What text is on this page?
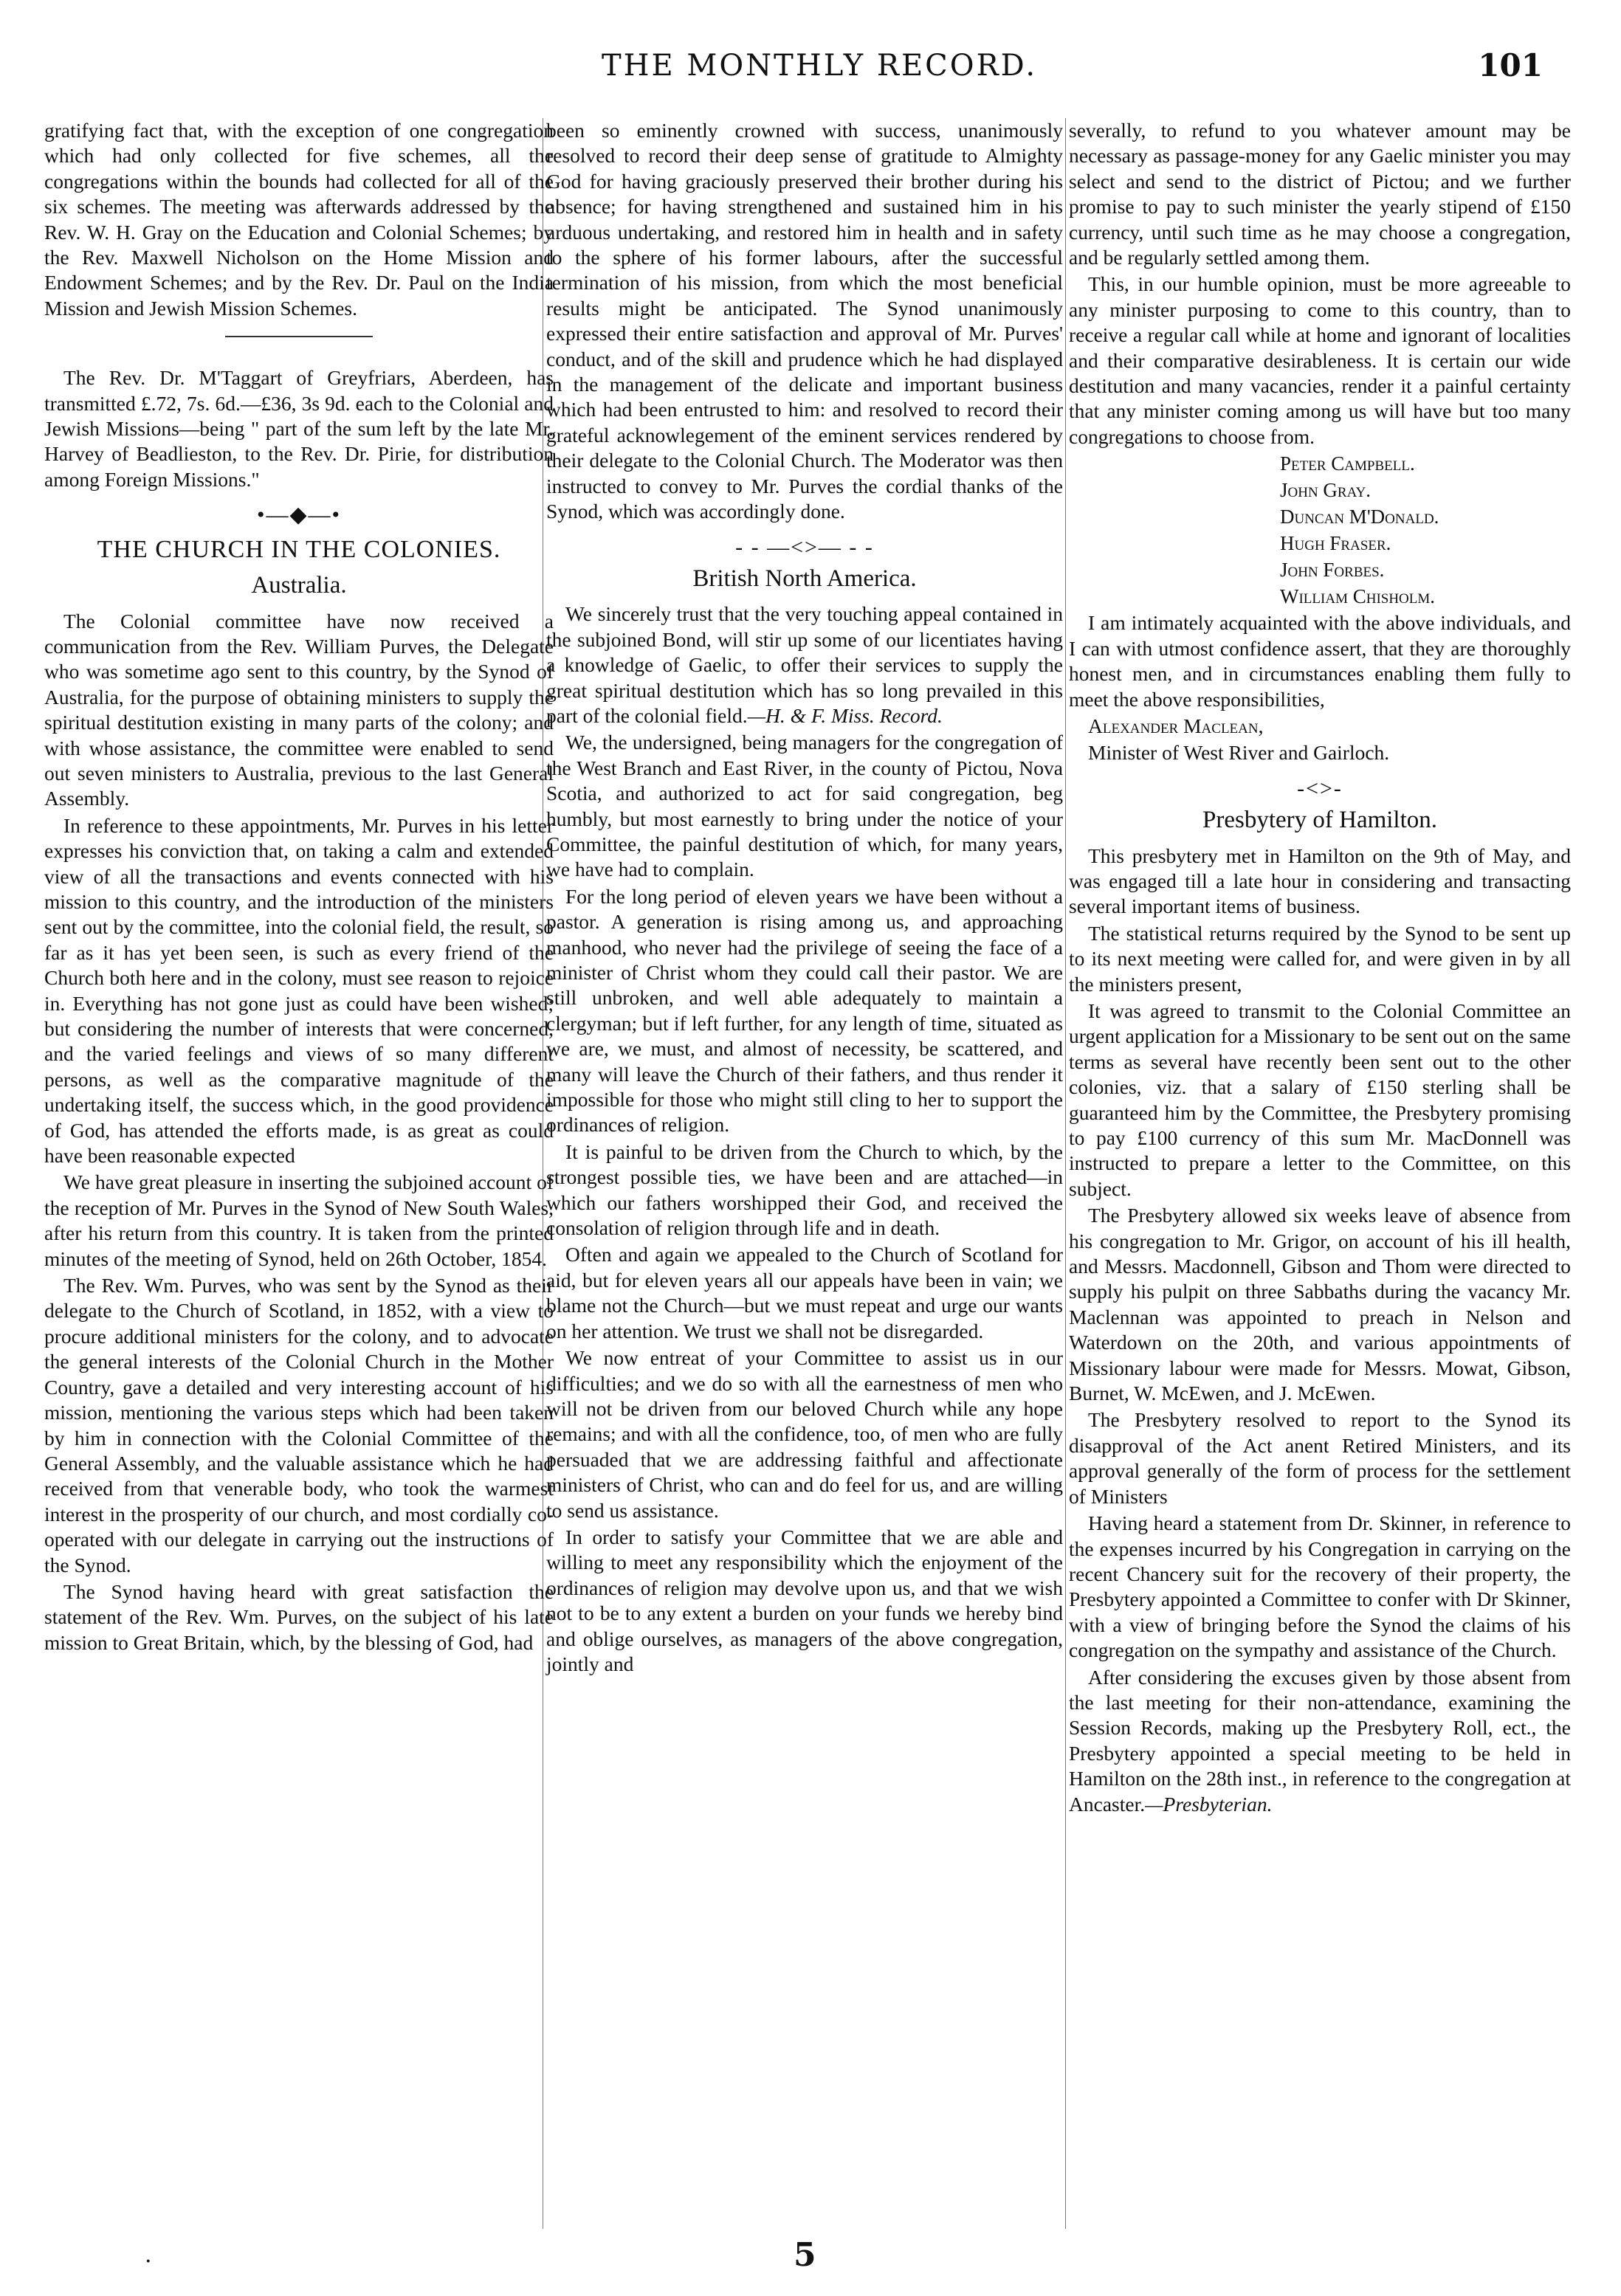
THE MONTHLY RECORD.	101

gratifying fact that, with the exception of one congregation which had only collected for five schemes, all the congregations within the bounds had collected for all of the six schemes. The meeting was afterwards addressed by the Rev. W. H. Gray on the Education and Colonial Schemes; by the Rev. Maxwell Nicholson on the Home Mission and Endowment Schemes; and by the Rev. Dr. Paul on the India Mission and Jewish Mission Schemes.

The Rev. Dr. M'Taggart of Greyfriars, Aberdeen, has transmitted £.72, 7s. 6d.—£36, 3s 9d. each to the Colonial and Jewish Missions—being " part of the sum left by the late Mr. Harvey of Beadlieston, to the Rev. Dr. Pirie, for distribution among Foreign Missions."

•—◆—•
THE CHURCH IN THE COLONIES.
Australia.

The Colonial committee have now received a communication from the Rev. William Purves, the Delegate who was sometime ago sent to this country, by the Synod of Australia, for the purpose of obtaining ministers to supply the spiritual destitution existing in many parts of the colony; and with whose assistance, the committee were enabled to send out seven ministers to Australia, previous to the last General Assembly.

In reference to these appointments, Mr. Purves in his letter expresses his conviction that, on taking a calm and extended view of all the transactions and events connected with his mission to this country, and the introduction of the ministers sent out by the committee, into the colonial field, the result, so far as it has yet been seen, is such as every friend of the Church both here and in the colony, must see reason to rejoice in. Everything has not gone just as could have been wished; but considering the number of interests that were concerned, and the varied feelings and views of so many different persons, as well as the comparative magnitude of the undertaking itself, the success which, in the good providence of God, has attended the efforts made, is as great as could have been reasonable expected

We have great pleasure in inserting the subjoined account of the reception of Mr. Purves in the Synod of New South Wales, after his return from this country. It is taken from the printed minutes of the meeting of Synod, held on 26th October, 1854.

The Rev. Wm. Purves, who was sent by the Synod as their delegate to the Church of Scotland, in 1852, with a view to procure additional ministers for the colony, and to advocate the general interests of the Colonial Church in the Mother Country, gave a detailed and very interesting account of his mission, mentioning the various steps which had been taken by him in connection with the Colonial Committee of the General Assembly, and the valuable assistance which he had received from that venerable body, who took the warmest interest in the prosperity of our church, and most cordially co-operated with our delegate in carrying out the instructions of the Synod.

The Synod having heard with great satisfaction the statement of the Rev. Wm. Purves, on the subject of his late mission to Great Britain, which, by the blessing of God, had

been so eminently crowned with success, unanimously resolved to record their deep sense of gratitude to Almighty God for having graciously preserved their brother during his absence; for having strengthened and sustained him in his arduous undertaking, and restored him in health and in safety to the sphere of his former labours, after the successful termination of his mission, from which the most beneficial results might be anticipated. The Synod unanimously expressed their entire satisfaction and approval of Mr. Purves' conduct, and of the skill and prudence which he had displayed in the management of the delicate and important business which had been entrusted to him: and resolved to record their grateful acknowlegement of the eminent services rendered by their delegate to the Colonial Church. The Moderator was then instructed to convey to Mr. Purves the cordial thanks of the Synod, which was accordingly done.

- - —<>— - -
British North America.

We sincerely trust that the very touching appeal contained in the subjoined Bond, will stir up some of our licentiates having a knowledge of Gaelic, to offer their services to supply the great spiritual destitution which has so long prevailed in this part of the colonial field.—H. & F. Miss. Record.

We, the undersigned, being managers for the congregation of the West Branch and East River, in the county of Pictou, Nova Scotia, and authorized to act for said congregation, beg humbly, but most earnestly to bring under the notice of your Committee, the painful destitution of which, for many years, we have had to complain.

For the long period of eleven years we have been without a pastor. A generation is rising among us, and approaching manhood, who never had the privilege of seeing the face of a minister of Christ whom they could call their pastor. We are still unbroken, and well able adequately to maintain a clergyman; but if left further, for any length of time, situated as we are, we must, and almost of necessity, be scattered, and many will leave the Church of their fathers, and thus render it impossible for those who might still cling to her to support the ordinances of religion.

It is painful to be driven from the Church to which, by the strongest possible ties, we have been and are attached—in which our fathers worshipped their God, and received the consolation of religion through life and in death.

Often and again we appealed to the Church of Scotland for aid, but for eleven years all our appeals have been in vain; we blame not the Church—but we must repeat and urge our wants on her attention. We trust we shall not be disregarded.

We now entreat of your Committee to assist us in our difficulties; and we do so with all the earnestness of men who will not be driven from our beloved Church while any hope remains; and with all the confidence, too, of men who are fully persuaded that we are addressing faithful and affectionate ministers of Christ, who can and do feel for us, and are willing to send us assistance.

In order to satisfy your Committee that we are able and willing to meet any responsibility which the enjoyment of the ordinances of religion may devolve upon us, and that we wish not to be to any extent a burden on your funds we hereby bind and oblige ourselves, as managers of the above congregation, jointly and

severally, to refund to you whatever amount may be necessary as passage-money for any Gaelic minister you may select and send to the district of Pictou; and we further promise to pay to such minister the yearly stipend of £150 currency, until such time as he may choose a congregation, and be regularly settled among them.

This, in our humble opinion, must be more agreeable to any minister purposing to come to this country, than to receive a regular call while at home and ignorant of localities and their comparative desirableness. It is certain our wide destitution and many vacancies, render it a painful certainty that any minister coming among us will have but too many congregations to choose from.

Peter Campbell.

John Gray.

Duncan M'Donald.

Hugh Fraser.

John Forbes.

William Chisholm.

I am intimately acquainted with the above individuals, and I can with utmost confidence assert, that they are thoroughly honest men, and in circumstances enabling them fully to meet the above responsibilities,

Alexander Maclean,

Minister of West River and Gairloch.

-<>-
Presbytery of Hamilton.

This presbytery met in Hamilton on the 9th of May, and was engaged till a late hour in considering and transacting several important items of business.

The statistical returns required by the Synod to be sent up to its next meeting were called for, and were given in by all the ministers present,

It was agreed to transmit to the Colonial Committee an urgent application for a Missionary to be sent out on the same terms as several have recently been sent out to the other colonies, viz. that a salary of £150 sterling shall be guaranteed him by the Committee, the Presbytery promising to pay £100 currency of this sum Mr. MacDonnell was instructed to prepare a letter to the Committee, on this subject.

The Presbytery allowed six weeks leave of absence from his congregation to Mr. Grigor, on account of his ill health, and Messrs. Macdonnell, Gibson and Thom were directed to supply his pulpit on three Sabbaths during the vacancy Mr. Maclennan was appointed to preach in Nelson and Waterdown on the 20th, and various appointments of Missionary labour were made for Messrs. Mowat, Gibson, Burnet, W. McEwen, and J. McEwen.

The Presbytery resolved to report to the Synod its disapproval of the Act anent Retired Ministers, and its approval generally of the form of process for the settlement of Ministers

Having heard a statement from Dr. Skinner, in reference to the expenses incurred by his Congregation in carrying on the recent Chancery suit for the recovery of their property, the Presbytery appointed a Committee to confer with Dr Skinner, with a view of bringing before the Synod the claims of his congregation on the sympathy and assistance of the Church.

After considering the excuses given by those absent from the last meeting for their non-attendance, examining the Session Records, making up the Presbytery Roll, ect., the Presbytery appointed a special meeting to be held in Hamilton on the 28th inst., in reference to the congregation at Ancaster.—Presbyterian.

.	5
